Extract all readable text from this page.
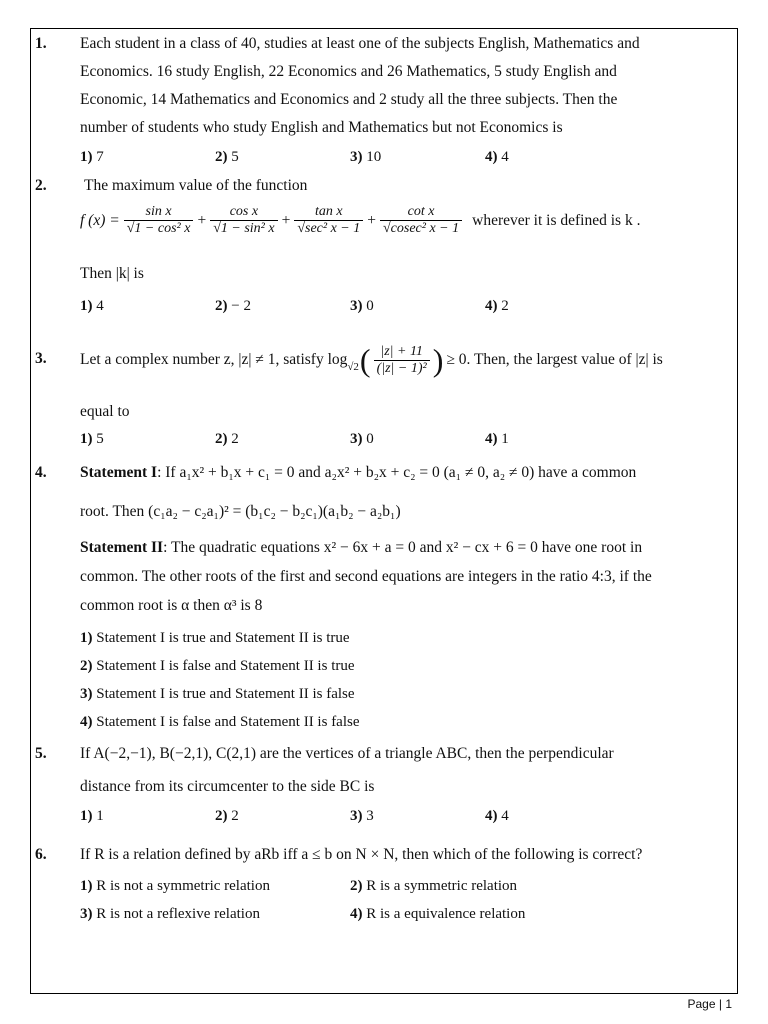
1. Each student in a class of 40, studies at least one of the subjects English, Mathematics and
Economics. 16 study English, 22 Economics and 26 Mathematics, 5 study English and
Economic, 14 Mathematics and Economics and 2 study all the three subjects. Then the
number of students who study English and Mathematics but not Economics is
1) 7	2) 5	3) 10	4) 4
2. The maximum value of the function
f $(x) = \frac{\text{sin x}}{\text{√1 − cos² x}} + \frac{\text{cos x}}{\text{√1 − sin² x}} + \frac{\text{tan x}}{\text{√sec² x − 1}} + \frac{\text{cot x}}{\text{√cosec² x − 1}}$ wherever it is defined is k .
Then |k| is
1) 4	2) − 2	3) 0	4) 2
3. Let a complex number z, |z| ≠ 1, satisfy $\log_{√2}$ ( $\frac{|z| + 11}{\text{(|z| − 1)²}}$ ) ≥ 0. Then, the largest value of |z| is
equal to
1) 5	2) 2	3) 0	4) 1
4. Statement I: If a₁x² + b₁x + c₁ = 0 and a₂x² + b₂x + c₂ = 0 (a₁ ≠ 0, a₂ ≠ 0) have a common
root. Then (c₁a₂ − c₂a₁)² = (b₁c₂ − b₂c₁)(a₁b₂ − a₂b₁)
Statement II: The quadratic equations x² − 6x + a = 0 and x² − cx + 6 = 0 have one root in
common. The other roots of the first and second equations are integers in the ratio 4:3, if the
common root is α then α³ is 8
1) Statement I is true and Statement II is true
2) Statement I is false and Statement II is true
3) Statement I is true and Statement II is false
4) Statement I is false and Statement II is false
5. If A(−2,−1), B(−2,1), C(2,1) are the vertices of a triangle ABC, then the perpendicular
distance from its circumcenter to the side BC is
1) 1	2) 2	3) 3	4) 4
6. If R is a relation defined by aRb iff a ≤ b on N × N, then which of the following is correct?
1) R is not a symmetric relation	2) R is a symmetric relation
3) R is not a reflexive relation	4) R is a equivalence relation
Page | 1
